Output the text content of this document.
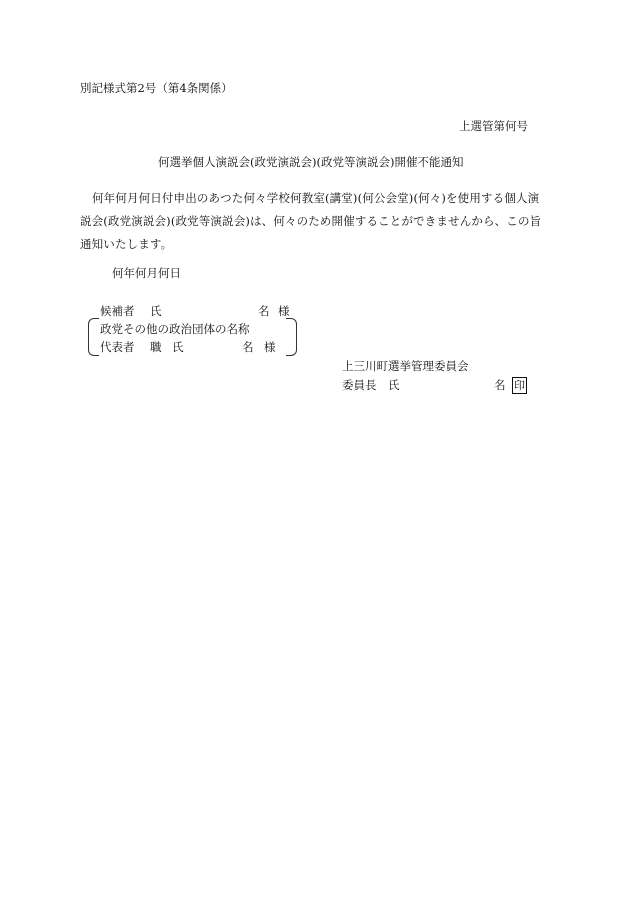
別記様式第2号（第4条関係）
上選管第何号
何選挙個人演説会(政党演説会)(政党等演説会)開催不能通知
何年何月何日付申出のあつた何々学校何教室(講堂)(何公会堂)(何々)を使用する個人演説会(政党演説会)(政党等演説会)は、何々のため開催することができませんから、この旨通知いたします。
何年何月何日
候補者 氏	名 様
政党その他の政治団体の名称
代表者 職 氏	名 様
上三川町選挙管理委員会
委員長 氏	名 印
